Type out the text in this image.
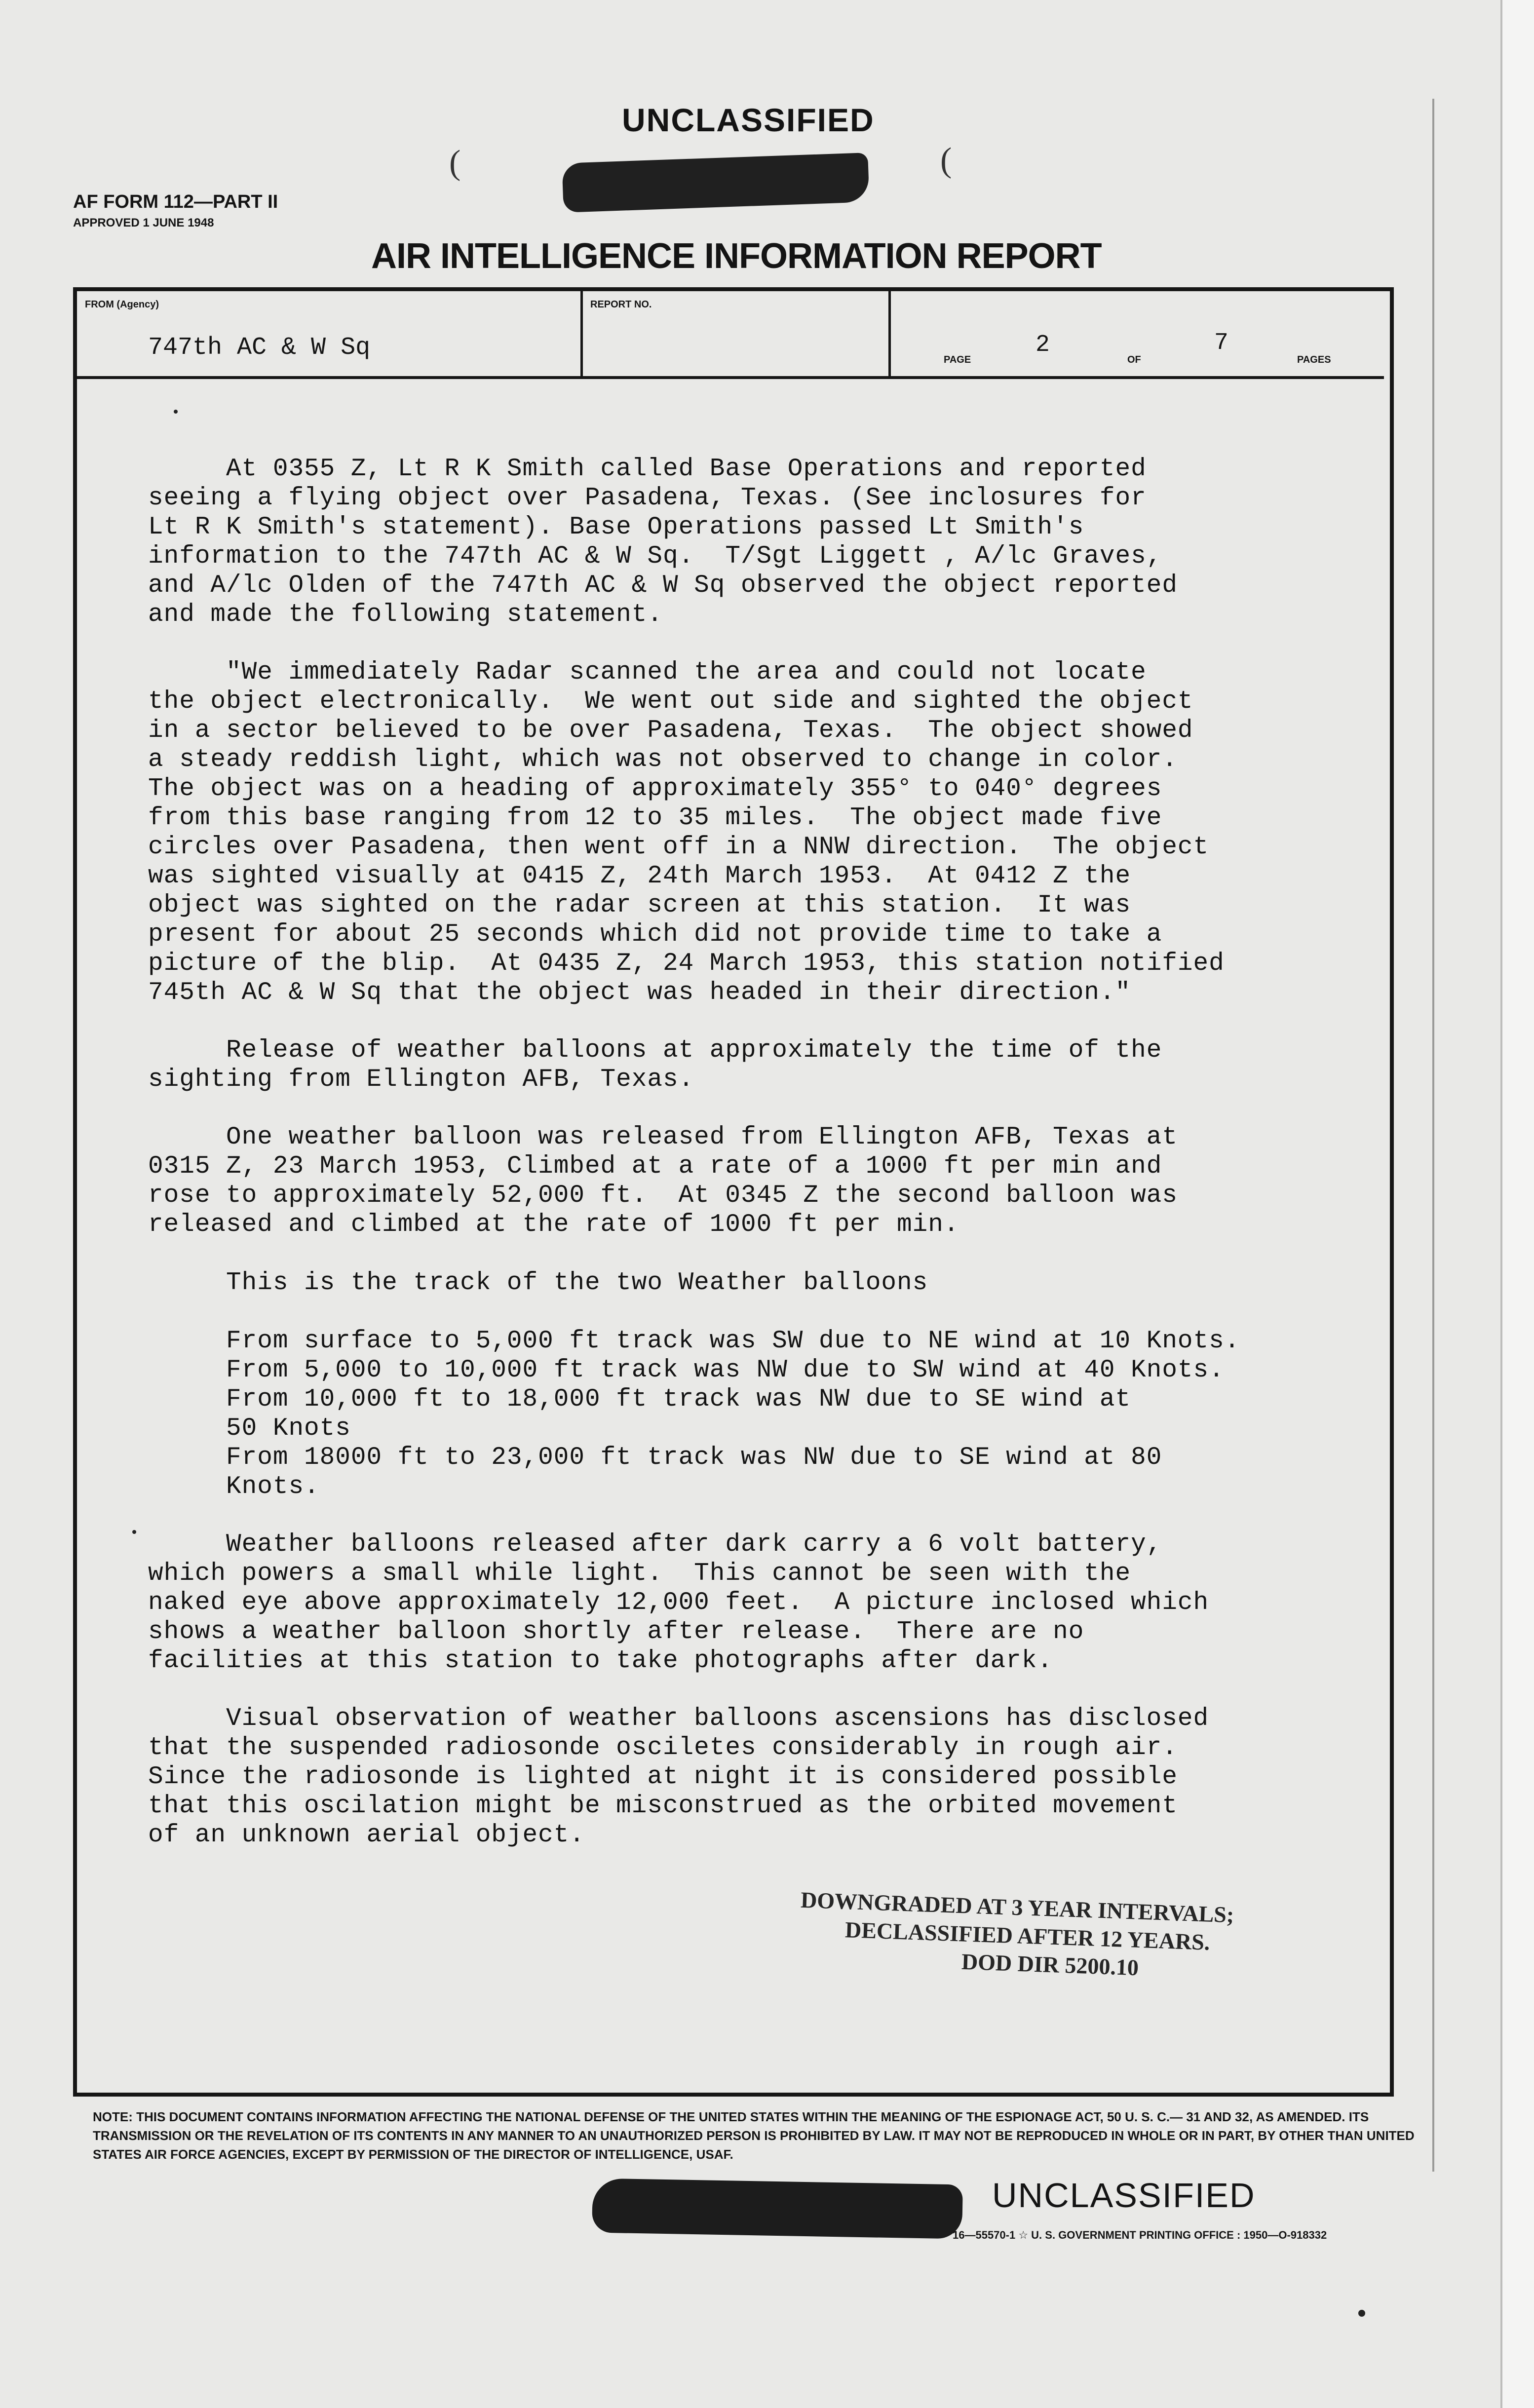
UNCLASSIFIED
(	(
AF FORM 112—PART II
APPROVED 1 JUNE 1948
AIR INTELLIGENCE INFORMATION REPORT
FROM (Agency)
747th AC & W Sq
REPORT NO.
PAGE
2
OF
7
PAGES
At 0355 Z, Lt R K Smith called Base Operations and reported
seeing a flying object over Pasadena, Texas. (See inclosures for
Lt R K Smith's statement). Base Operations passed Lt Smith's
information to the 747th AC & W Sq.  T/Sgt Liggett , A/lc Graves,
and A/lc Olden of the 747th AC & W Sq observed the object reported
and made the following statement.
"We immediately Radar scanned the area and could not locate
the object electronically.  We went out side and sighted the object
in a sector believed to be over Pasadena, Texas.  The object showed
a steady reddish light, which was not observed to change in color.
The object was on a heading of approximately 355° to 040° degrees
from this base ranging from 12 to 35 miles.  The object made five
circles over Pasadena, then went off in a NNW direction.  The object
was sighted visually at 0415 Z, 24th March 1953.  At 0412 Z the
object was sighted on the radar screen at this station.  It was
present for about 25 seconds which did not provide time to take a
picture of the blip.  At 0435 Z, 24 March 1953, this station notified
745th AC & W Sq that the object was headed in their direction."
Release of weather balloons at approximately the time of the
sighting from Ellington AFB, Texas.
One weather balloon was released from Ellington AFB, Texas at
0315 Z, 23 March 1953, Climbed at a rate of a 1000 ft per min and
rose to approximately 52,000 ft.  At 0345 Z the second balloon was
released and climbed at the rate of 1000 ft per min.
This is the track of the two Weather balloons
From surface to 5,000 ft track was SW due to NE wind at 10 Knots.
From 5,000 to 10,000 ft track was NW due to SW wind at 40 Knots.
From 10,000 ft to 18,000 ft track was NW due to SE wind at
50 Knots
From 18000 ft to 23,000 ft track was NW due to SE wind at 80
Knots.
Weather balloons released after dark carry a 6 volt battery,
which powers a small while light.  This cannot be seen with the
naked eye above approximately 12,000 feet.  A picture inclosed which
shows a weather balloon shortly after release.  There are no
facilities at this station to take photographs after dark.
Visual observation of weather balloons ascensions has disclosed
that the suspended radiosonde osciletes considerably in rough air.
Since the radiosonde is lighted at night it is considered possible
that this oscilation might be misconstrued as the orbited movement
of an unknown aerial object.
DOWNGRADED AT 3 YEAR INTERVALS;
DECLASSIFIED AFTER 12 YEARS.
DOD DIR 5200.10
NOTE: THIS DOCUMENT CONTAINS INFORMATION AFFECTING THE NATIONAL DEFENSE OF THE UNITED STATES WITHIN THE MEANING OF THE ESPIONAGE ACT, 50 U. S. C.— 31 AND 32, AS AMENDED. ITS TRANSMISSION OR THE REVELATION OF ITS CONTENTS IN ANY MANNER TO AN UNAUTHORIZED PERSON IS PROHIBITED BY LAW. IT MAY NOT BE REPRODUCED IN WHOLE OR IN PART, BY OTHER THAN UNITED STATES AIR FORCE AGENCIES, EXCEPT BY PERMISSION OF THE DIRECTOR OF INTELLIGENCE, USAF.
UNCLASSIFIED
16—55570-1 ☆ U. S. GOVERNMENT PRINTING OFFICE : 1950—O-918332
